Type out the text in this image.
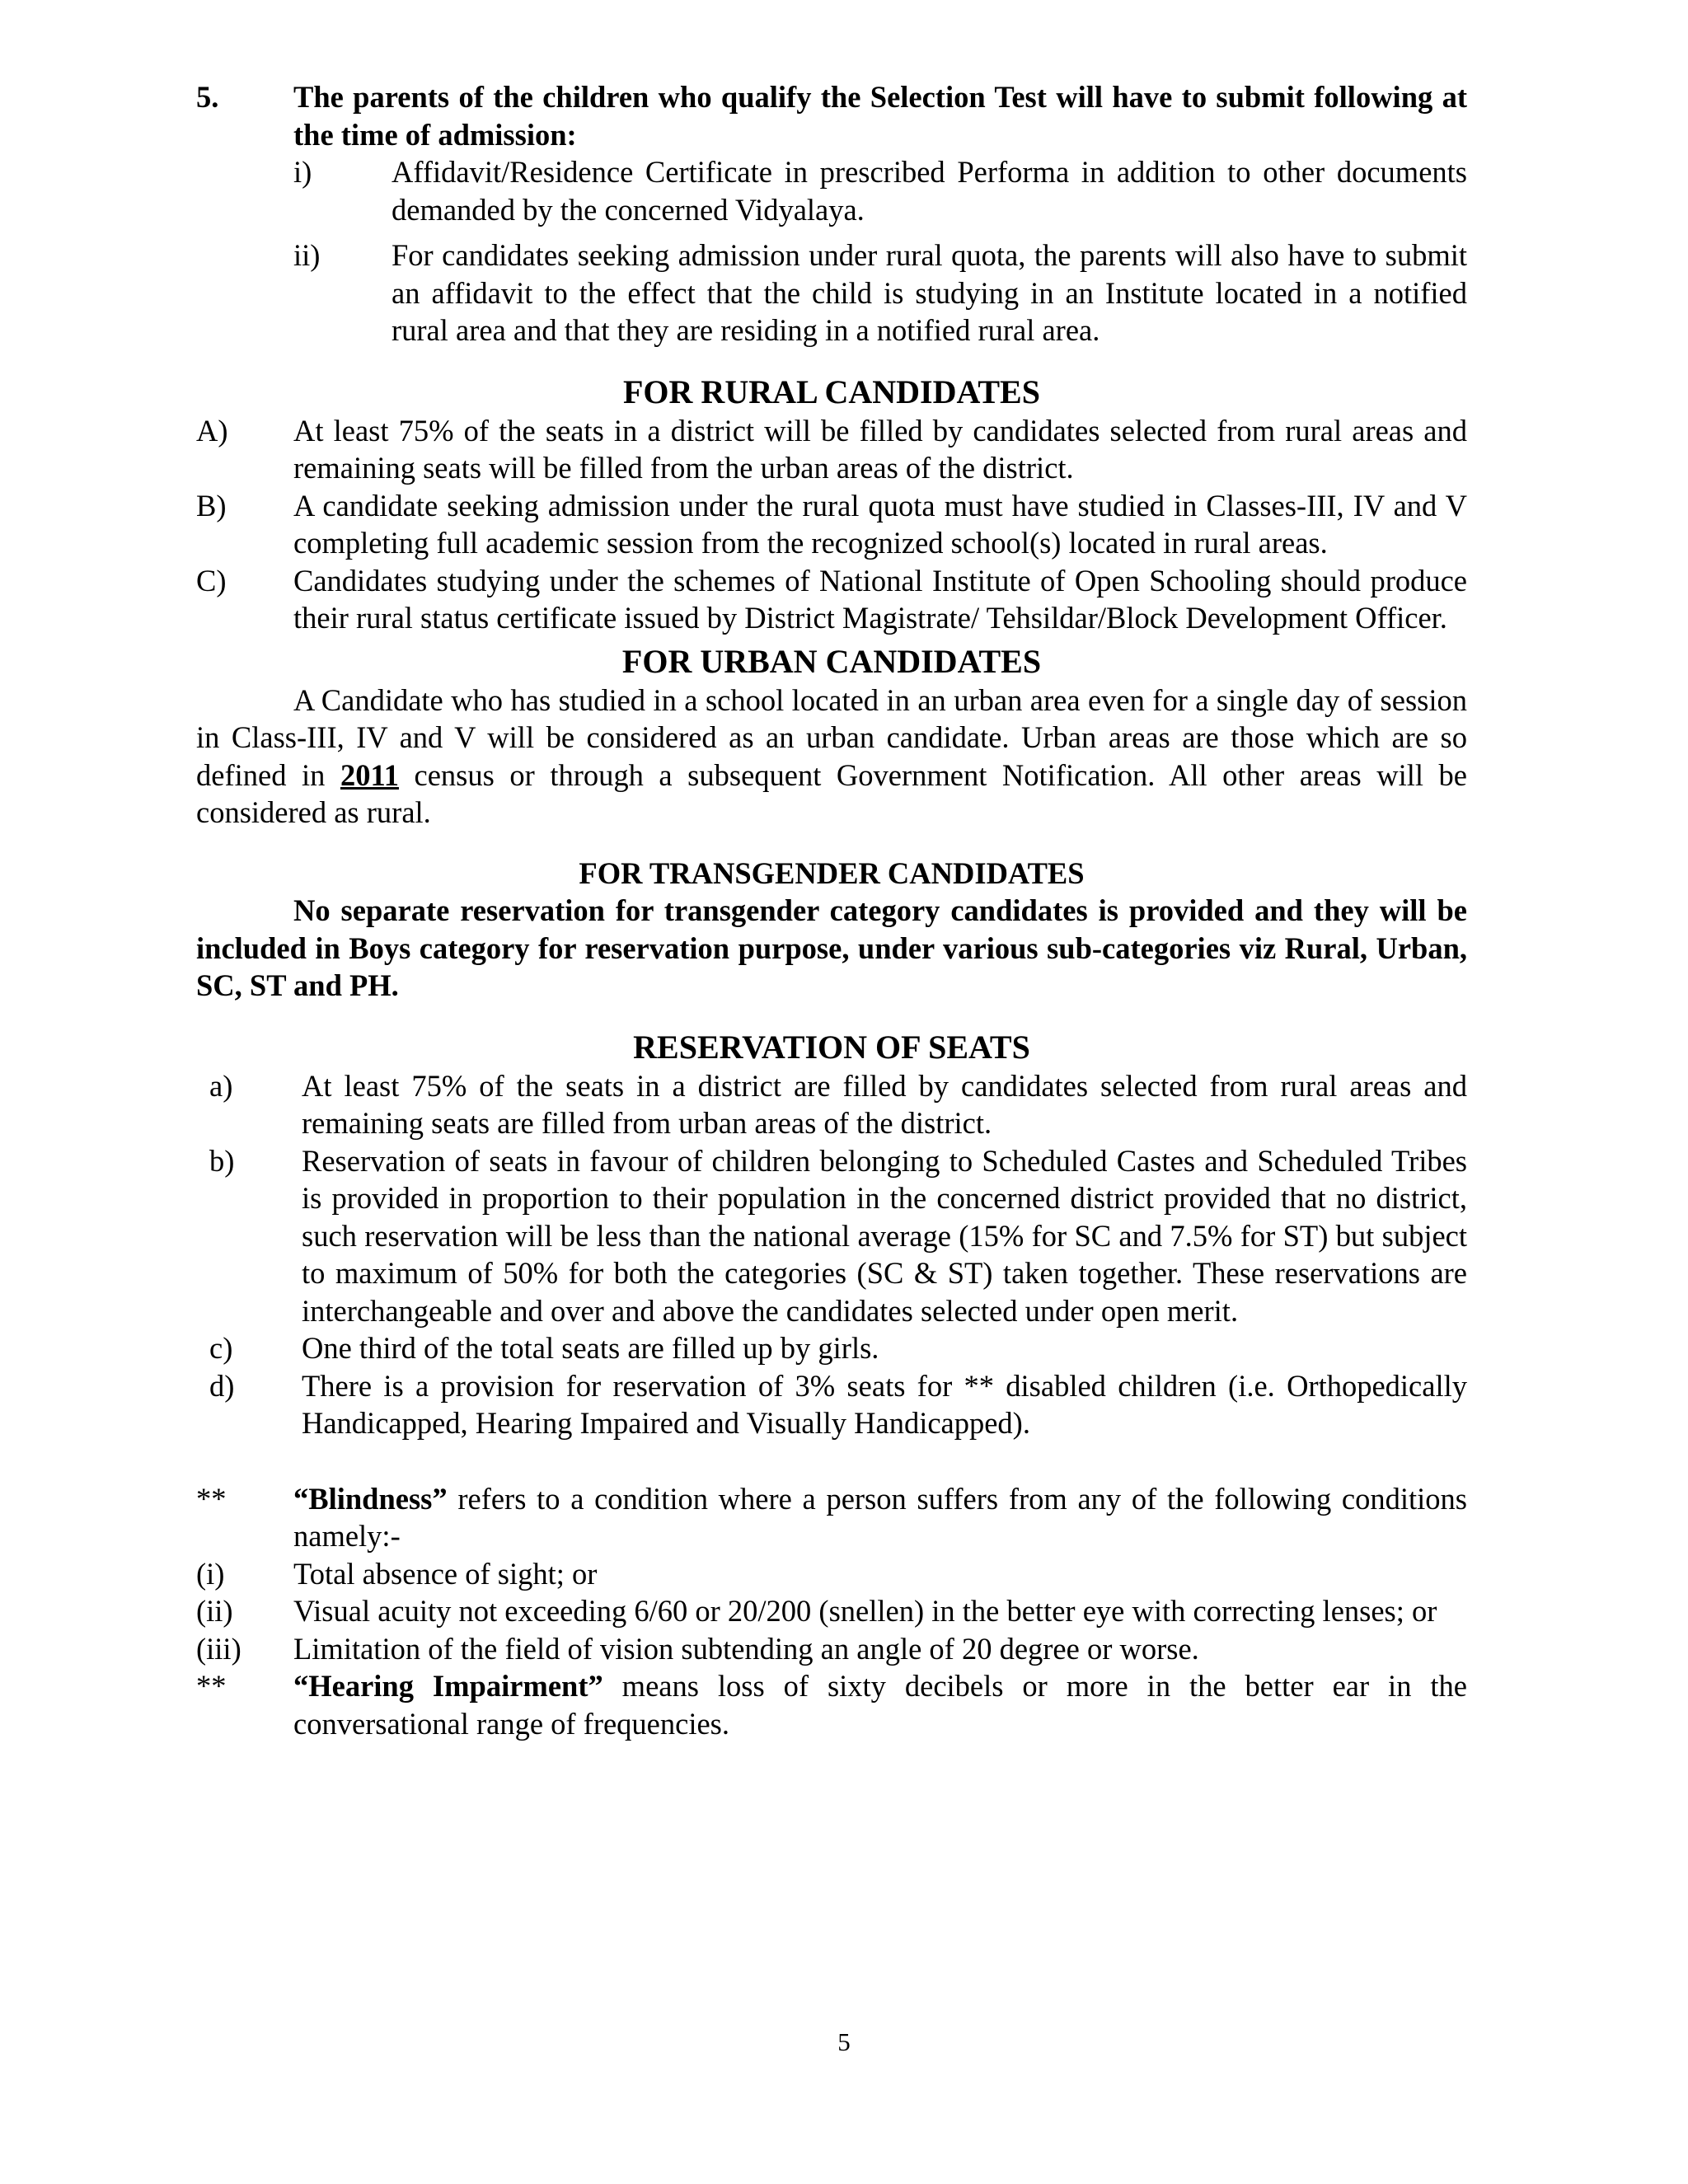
5.	The parents of the children who qualify the Selection Test will have to submit following at the time of admission:
i)	Affidavit/Residence Certificate in prescribed Performa in addition to other documents demanded by the concerned Vidyalaya.
ii)	For candidates seeking admission under rural quota, the parents will also have to submit an affidavit to the effect that the child is studying in an Institute located in a notified rural area and that they are residing in a notified rural area.
FOR RURAL CANDIDATES
A)	At least 75% of the seats in a district will be filled by candidates selected from rural areas and remaining seats will be filled from the urban areas of the district.
B)	A candidate seeking admission under the rural quota must have studied in Classes-III, IV and V completing full academic session from the recognized school(s) located in rural areas.
C)	Candidates studying under the schemes of National Institute of Open Schooling should produce their rural status certificate issued by District Magistrate/ Tehsildar/Block Development Officer.
FOR URBAN CANDIDATES
A Candidate who has studied in a school located in an urban area even for a single day of session in Class-III, IV and V will be considered as an urban candidate. Urban areas are those which are so defined in 2011 census or through a subsequent Government Notification. All other areas will be considered as rural.
FOR TRANSGENDER CANDIDATES
No separate reservation for transgender category candidates is provided and they will be included in Boys category for reservation purpose, under various sub-categories viz Rural, Urban, SC, ST and PH.
RESERVATION OF SEATS
a)	At least 75% of the seats in a district are filled by candidates selected from rural areas and remaining seats are filled from urban areas of the district.
b)	Reservation of seats in favour of children belonging to Scheduled Castes and Scheduled Tribes is provided in proportion to their population in the concerned district provided that no district, such reservation will be less than the national average (15% for SC and 7.5% for ST) but subject to maximum of 50% for both the categories (SC & ST) taken together. These reservations are interchangeable and over and above the candidates selected under open merit.
c)	One third of the total seats are filled up by girls.
d)	There is a provision for reservation of 3% seats for ** disabled children (i.e. Orthopedically Handicapped, Hearing Impaired and Visually Handicapped).
**	“Blindness” refers to a condition where a person suffers from any of the following conditions namely:-
(i)	Total absence of sight; or
(ii)	Visual acuity not exceeding 6/60 or 20/200 (snellen) in the better eye with correcting lenses; or
(iii)	Limitation of the field of vision subtending an angle of 20 degree or worse.
**	“Hearing Impairment” means loss of sixty decibels or more in the better ear in the conversational range of frequencies.
5
